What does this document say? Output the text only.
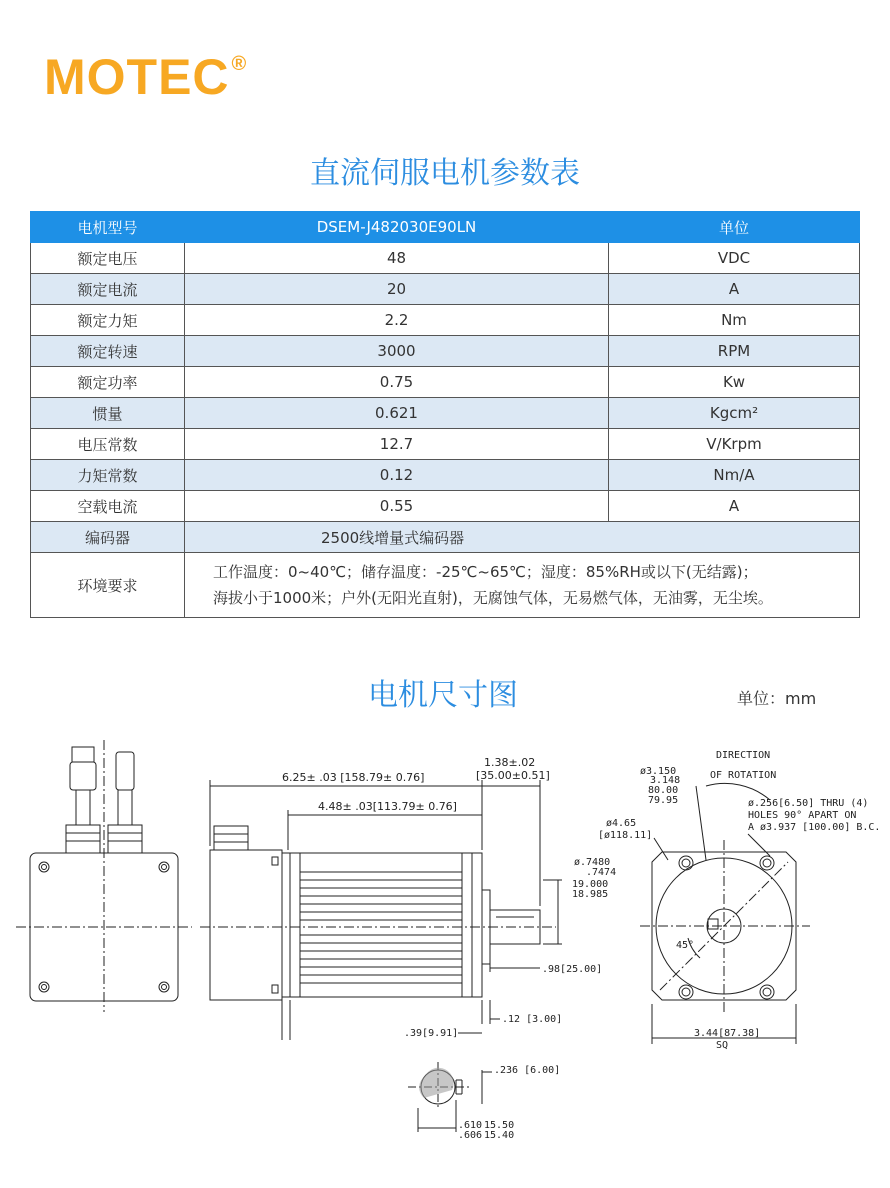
MOTEC ®
直流伺服电机参数表
电机型号	DSEM-J482030E90LN	单位
额定电压	48	VDC
额定电流	20	A
额定力矩	2.2	Nm
额定转速	3000	RPM
额定功率	0.75	Kw
惯量	0.621	Kgcm²
电压常数	12.7	V/Krpm
力矩常数	0.12	Nm/A
空载电流	0.55	A
编码器	2500线增量式编码器	
环境要求	工作温度：0~40℃；储存温度：-25℃~65℃；湿度：85%RH或以下(无结露)；
海拔小于1000米；户外(无阳光直射)，无腐蚀气体，无易燃气体，无油雾，无尘埃。	
电机尺寸图	单位：mm
6.25± .03 [158.79± 0.76]
4.48± .03[113.79± 0.76]
1.38±.02
[35.00±0.51]
ø.7480
.7474
19.000
18.985
.98[25.00]
.12 [3.00]
.39[9.91]
DIRECTION
OF ROTATION
ø3.150
3.148
80.00
79.95
ø4.65
[ø118.11]
ø.256[6.50] THRU (4)
HOLES 90° APART ON
A ø3.937 [100.00] B.C.
45°
3.44[87.38]
SQ
.236 [6.00]
.610
.606
15.50
15.40
